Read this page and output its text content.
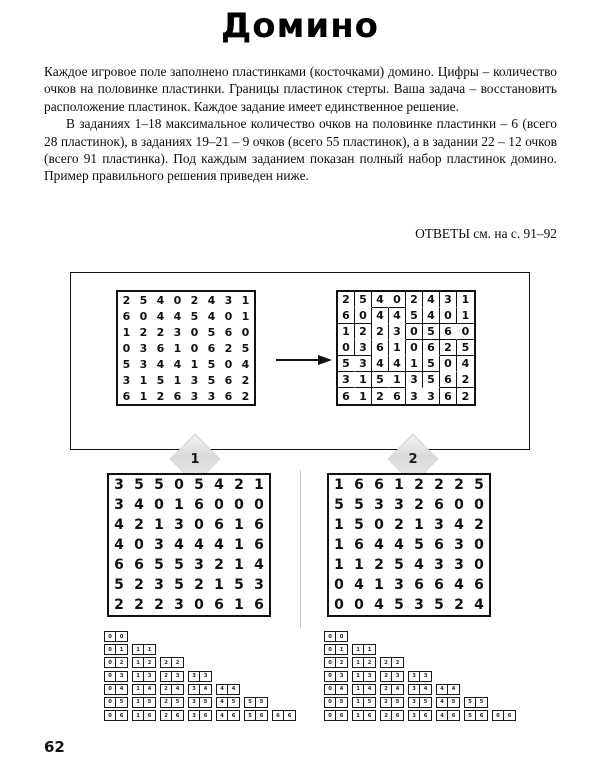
Домино

Каждое игровое поле заполнено пластинками (косточками) домино. Цифры – количество очков на половинке пластинки. Границы пластинок стерты. Ваша задача – восстановить расположение пластинок. Каждое задание имеет единственное решение.

В заданиях 1–18 максимальное количество очков на половинке пластинки – 6 (всего 28 пластинок), в заданиях 19–21 – 9 очков (всего 55 пластинок), а в задании 22 – 12 очков (всего 91 пластинка). Под каждым заданием показан полный набор пластинок домино. Пример правильного решения приведен ниже.

ОТВЕТЫ см. на с. 91–92
2 5 4 0 2 4 3 1
6 0 4 4 5 4 0 1
1 2 2 3 0 5 6 0
0 3 6 1 0 6 2 5
5 3 4 4 1 5 0 4
3 1 5 1 3 5 6 2
6 1 2 6 3 3 6 2
2 5 4 0 2 4 3 1
6 0 4 4 5 4 0 1
1 2 2 3 0 5 6 0
0 3 6 1 0 6 2 5
5 3 4 4 1 5 0 4
3 1 5 1 3 5 6 2
6 1 2 6 3 3 6 2
1	2
3 5 5 0 5 4 2 1
3 4 0 1 6 0 0 0
4 2 1 3 0 6 1 6
4 0 3 4 4 4 1 6
6 6 5 5 3 2 1 4
5 2 3 5 2 1 5 3
2 2 2 3 0 6 1 6
1 6 6 1 2 2 2 5
5 5 3 3 2 6 0 0
1 5 0 2 1 3 4 2
1 6 4 4 5 6 3 0
1 1 2 5 4 3 3 0
0 4 1 3 6 6 4 6
0 0 4 5 3 5 2 4
0	0
0	1	1	1
0	2	1	2	2	2
0	3	1	3	2	3	3	3
0	4	1	4	2	4	3	4	4	4
0	5	1	5	2	5	3	5	4	5	5	5
0	6	1	6	2	6	3	6	4	6	5	6	6	6
0	0
0	1	1	1
0	2	1	2	2	2
0	3	1	3	2	3	3	3
0	4	1	4	2	4	3	4	4	4
0	5	1	5	2	5	3	5	4	5	5	5
0	6	1	6	2	6	3	6	4	6	5	6	6	6
62
